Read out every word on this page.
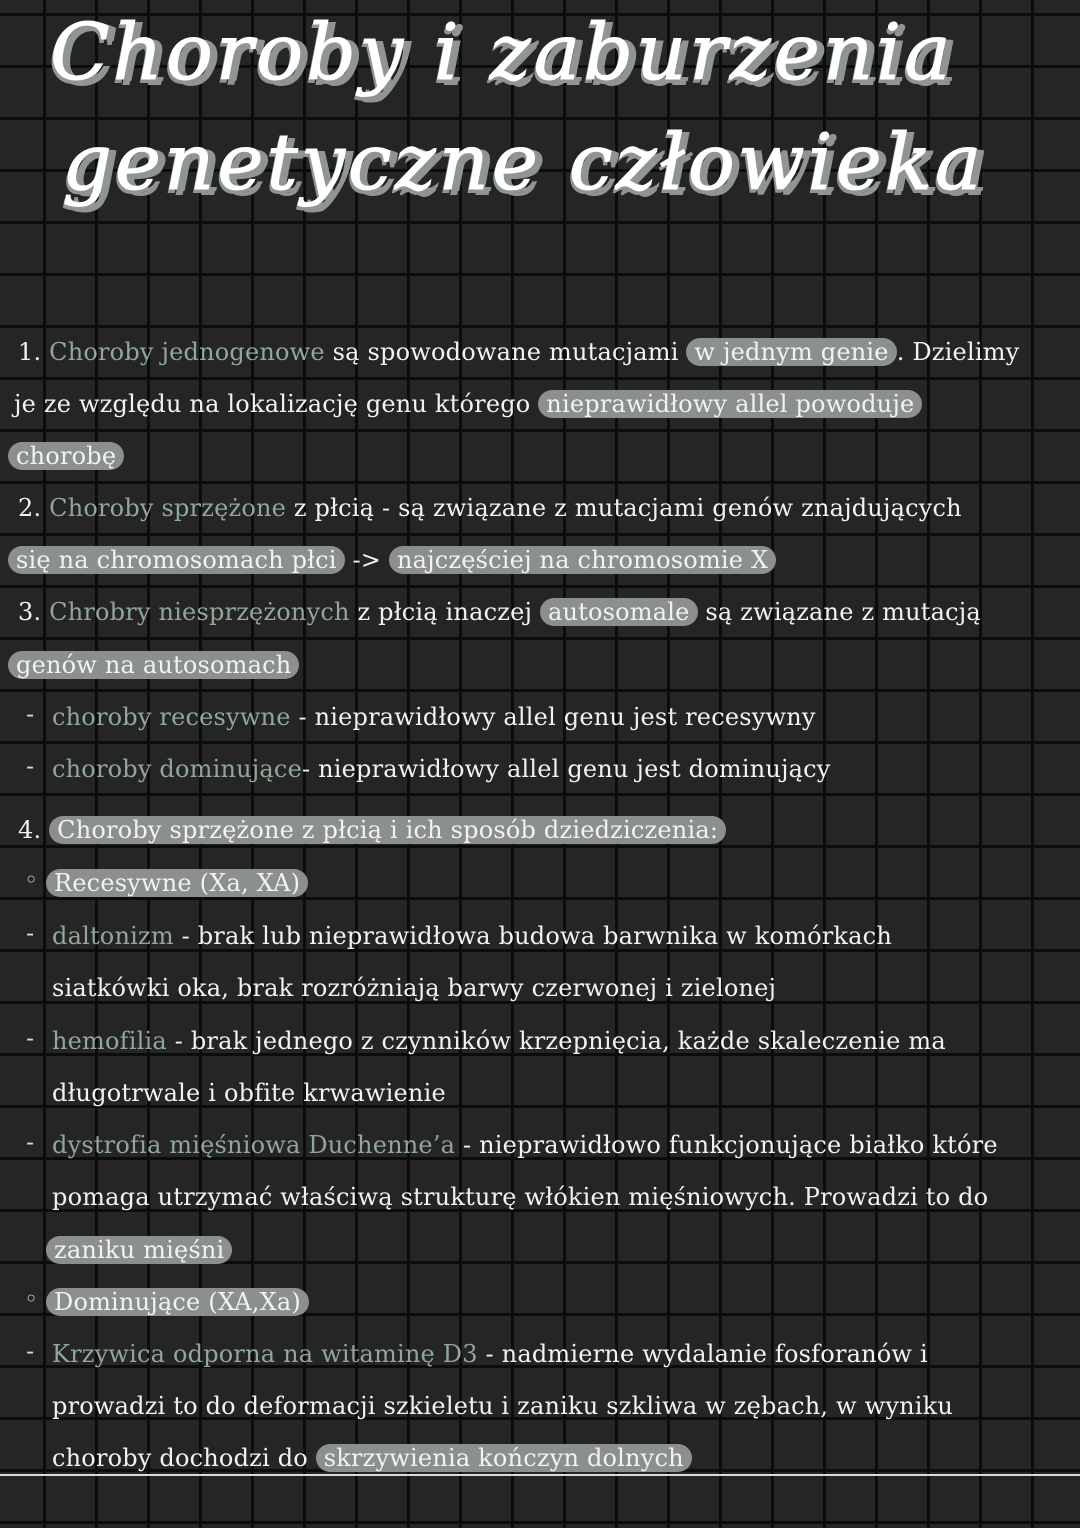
Choroby i zaburzenia
genetyczne człowieka
1. Choroby jednogenowe są spowodowane mutacjami w jednym genie . Dzielimy
je ze względu na lokalizację genu którego nieprawidłowy allel powoduje
chorobę
2. Choroby sprzężone z płcią - są związane z mutacjami genów znajdujących
się na chromosomach płci -> najczęściej na chromosomie X
3. Chrobry niesprzężonych z płcią inaczej autosomale są związane z mutacją
genów na autosomach
choroby recesywne - nieprawidłowy allel genu jest recesywny
-
choroby dominujące- nieprawidłowy allel genu jest dominujący
-
4. Choroby sprzężone z płcią i ich sposób dziedziczenia:
Recesywne (Xa, XA)
◦
daltonizm - brak lub nieprawidłowa budowa barwnika w komórkach
-
siatkówki oka, brak rozróżniają barwy czerwonej i zielonej
hemofilia - brak jednego z czynników krzepnięcia, każde skaleczenie ma
-
długotrwale i obfite krwawienie
dystrofia mięśniowa Duchenne’a - nieprawidłowo funkcjonujące białko które
-
pomaga utrzymać właściwą strukturę włókien mięśniowych. Prowadzi to do
zaniku mięśni
Dominujące (XA,Xa)
◦
Krzywica odporna na witaminę D3 - nadmierne wydalanie fosforanów i
-
prowadzi to do deformacji szkieletu i zaniku szkliwa w zębach, w wyniku
choroby dochodzi do skrzywienia kończyn dolnych
